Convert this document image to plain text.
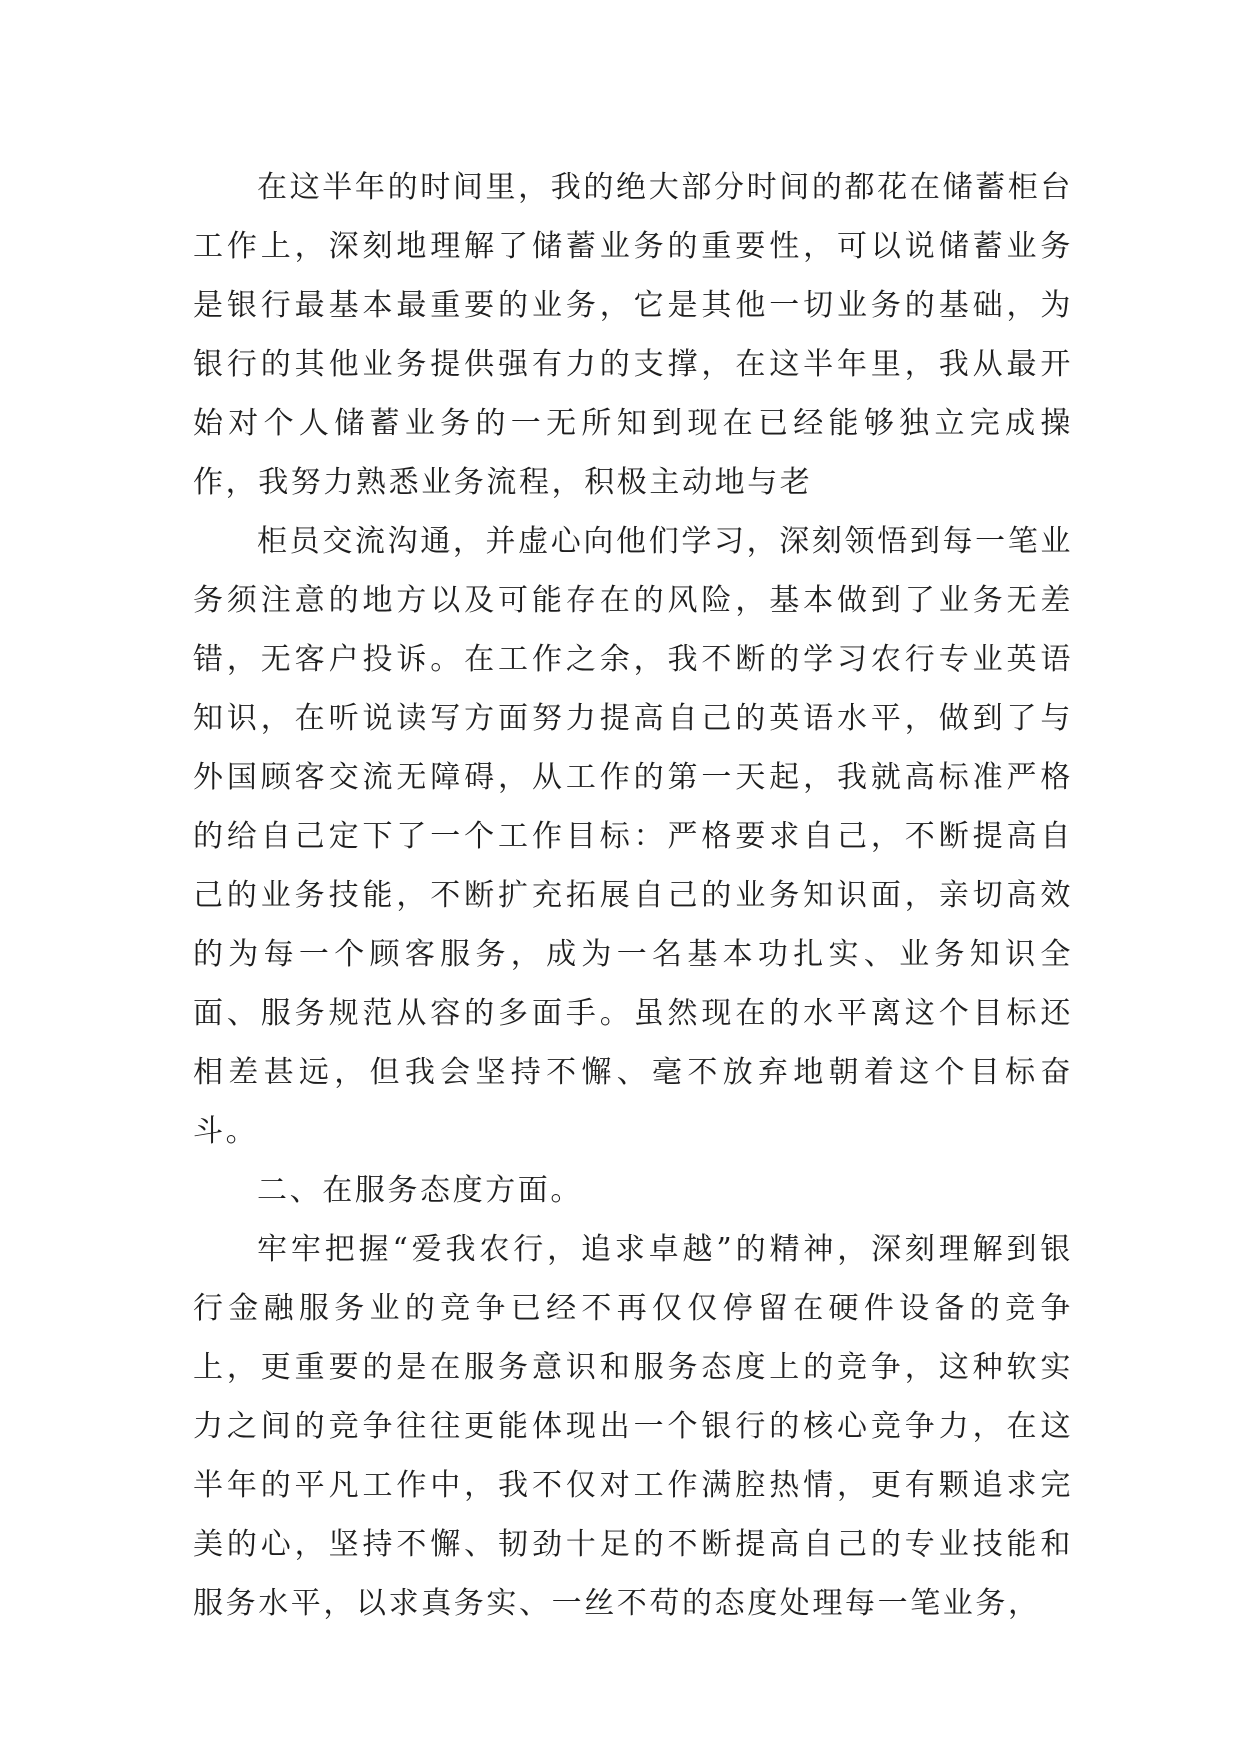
在这半年的时间里，我的绝大部分时间的都花在储蓄柜台工作上，深刻地理解了储蓄业务的重要性，可以说储蓄业务是银行最基本最重要的业务，它是其他一切业务的基础，为银行的其他业务提供强有力的支撑，在这半年里，我从最开始对个人储蓄业务的一无所知到现在已经能够独立完成操作，我努力熟悉业务流程，积极主动地与老

柜员交流沟通，并虚心向他们学习，深刻领悟到每一笔业务须注意的地方以及可能存在的风险，基本做到了业务无差错，无客户投诉。在工作之余，我不断的学习农行专业英语知识，在听说读写方面努力提高自己的英语水平，做到了与外国顾客交流无障碍，从工作的第一天起，我就高标准严格的给自己定下了一个工作目标：严格要求自己，不断提高自己的业务技能，不断扩充拓展自己的业务知识面，亲切高效的为每一个顾客服务，成为一名基本功扎实、业务知识全面、服务规范从容的多面手。虽然现在的水平离这个目标还相差甚远，但我会坚持不懈、毫不放弃地朝着这个目标奋斗。

二、在服务态度方面。

牢牢把握“爱我农行，追求卓越”的精神，深刻理解到银行金融服务业的竞争已经不再仅仅停留在硬件设备的竞争上，更重要的是在服务意识和服务态度上的竞争，这种软实力之间的竞争往往更能体现出一个银行的核心竞争力，在这半年的平凡工作中，我不仅对工作满腔热情，更有颗追求完美的心，坚持不懈、韧劲十足的不断提高自己的专业技能和服务水平，以求真务实、一丝不苟的态度处理每一笔业务，
